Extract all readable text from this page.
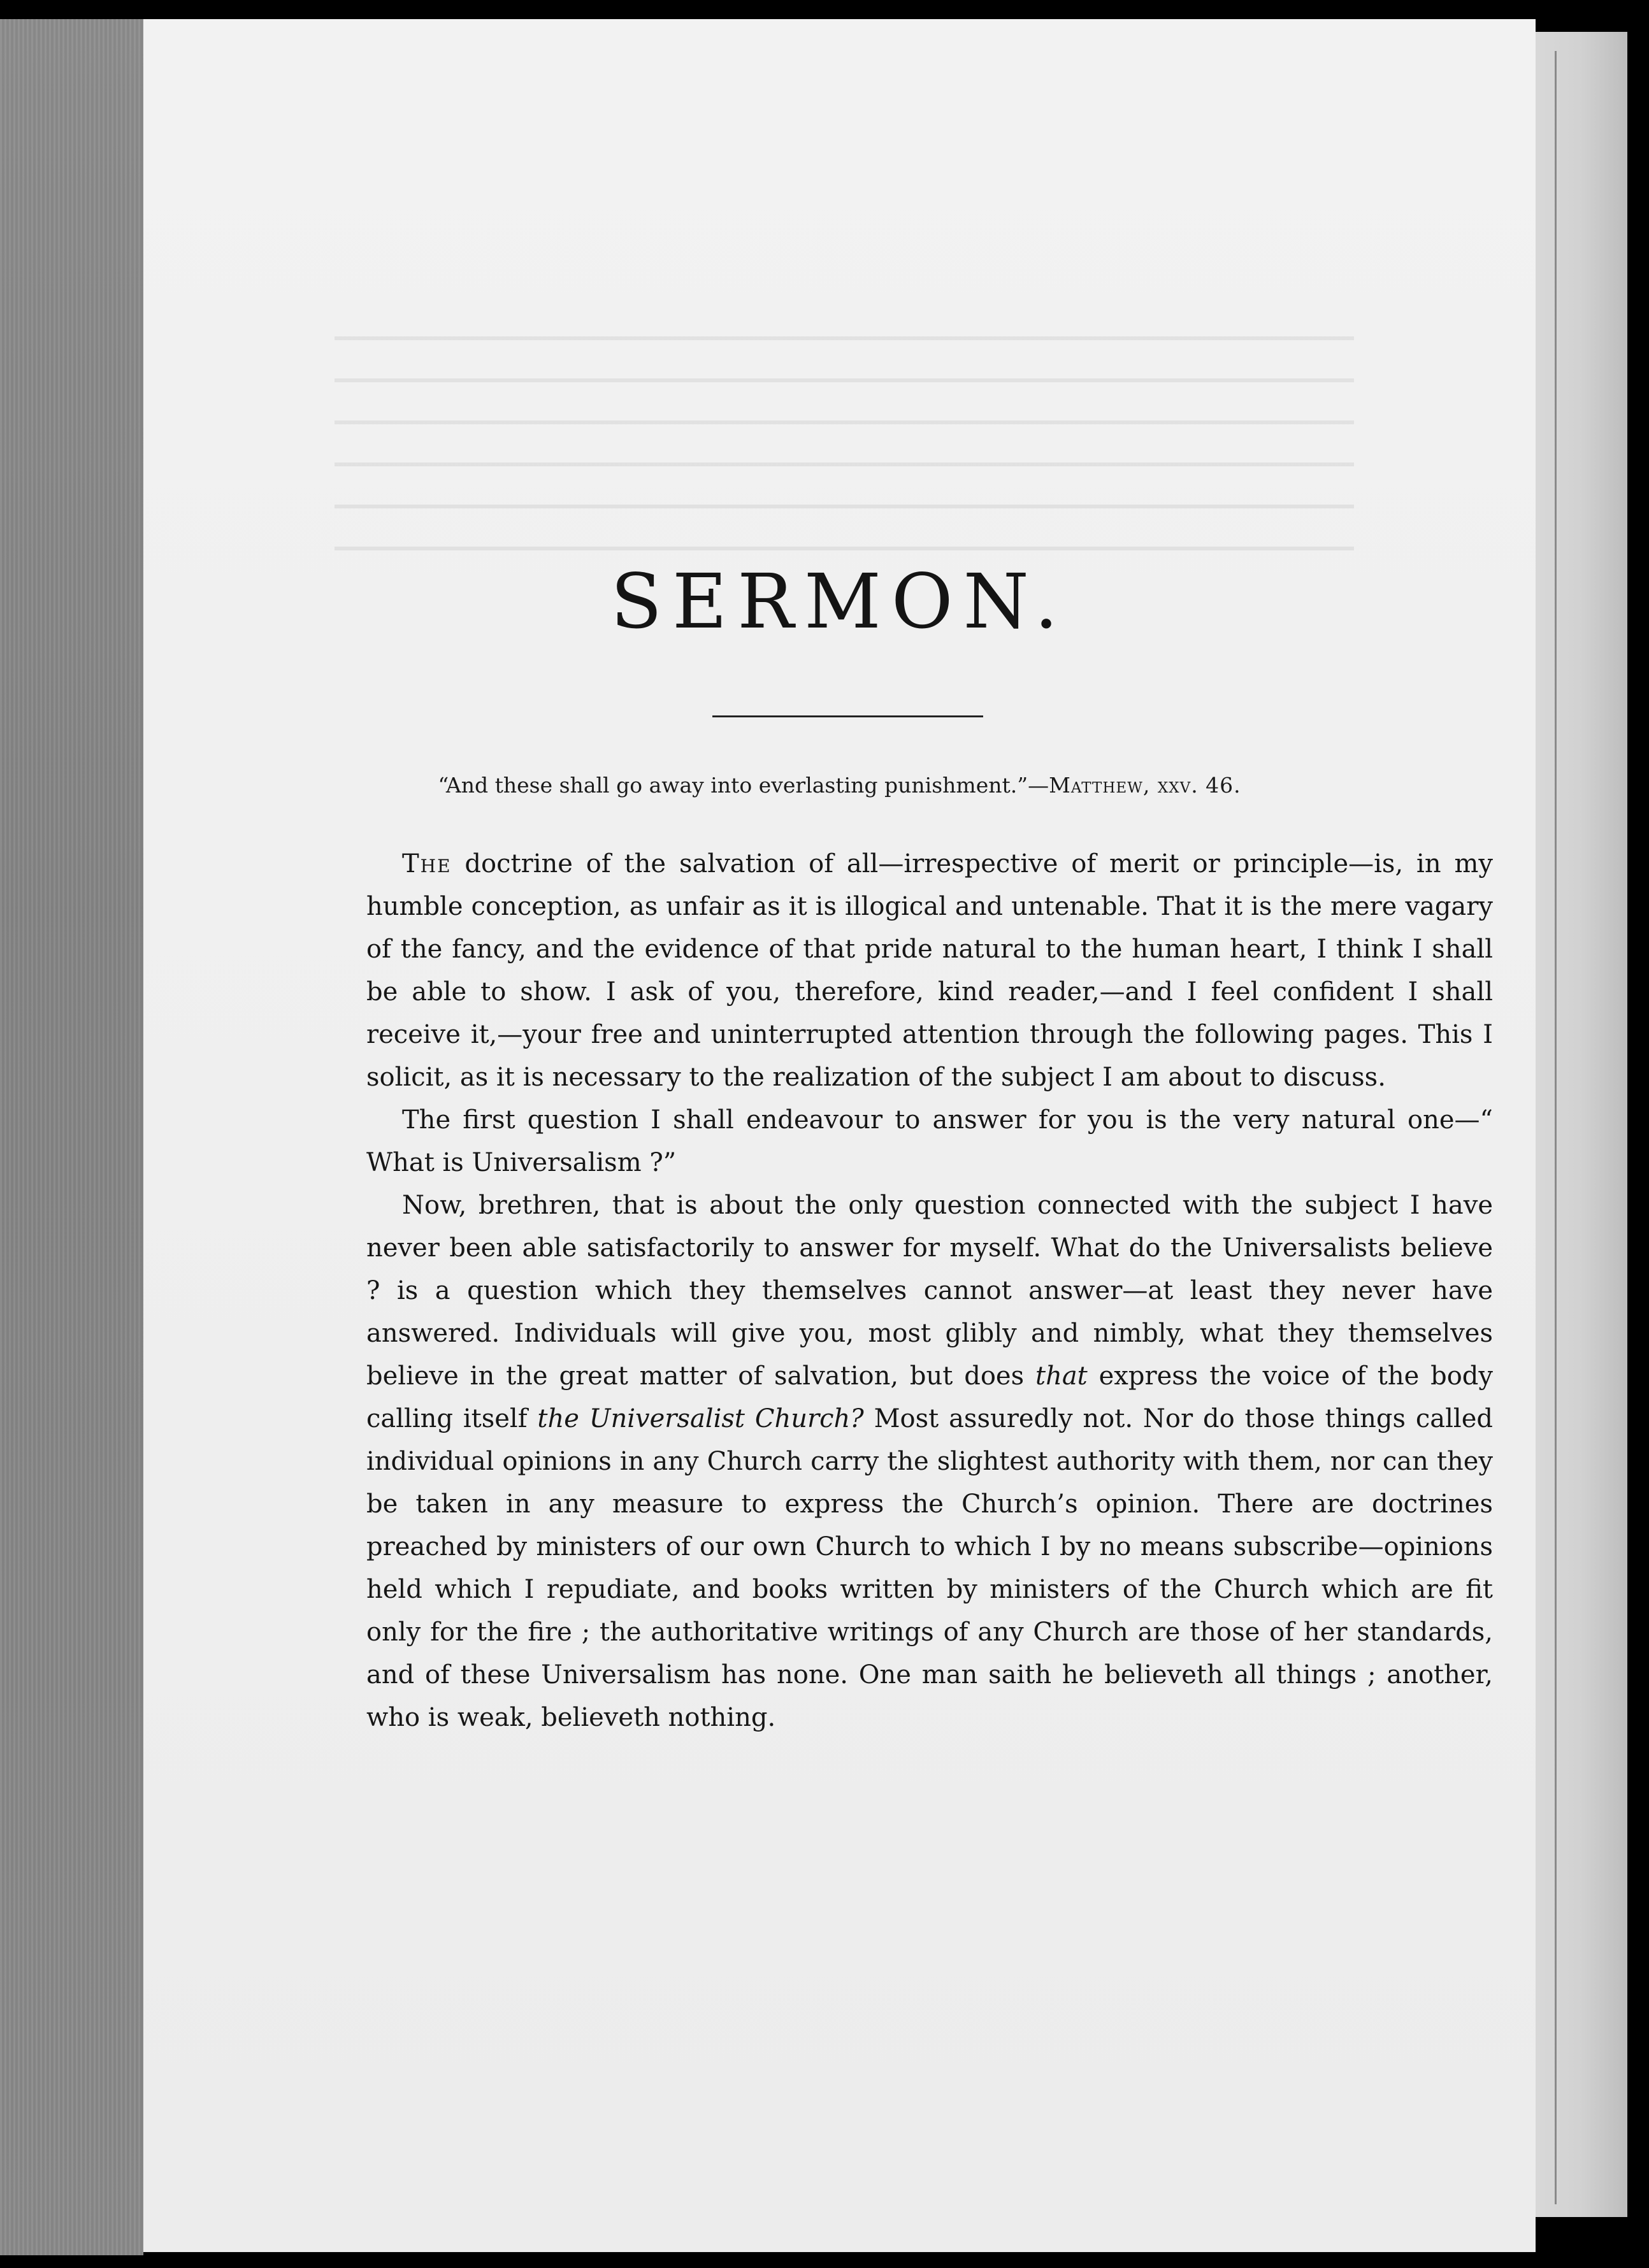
SERMON.
“And these shall go away into everlasting punishment.”—Matthew, xxv. 46.

The doctrine of the salvation of all—irrespective of merit or principle—is, in my humble conception, as unfair as it is illogical and untenable. That it is the mere vagary of the fancy, and the evidence of that pride natural to the human heart, I think I shall be able to show. I ask of you, therefore, kind reader,—and I feel confident I shall receive it,—your free and uninterrupted attention through the following pages. This I solicit, as it is necessary to the realization of the subject I am about to discuss.

The first question I shall endeavour to answer for you is the very natural one—“ What is Universalism ?”

Now, brethren, that is about the only question connected with the subject I have never been able satisfactorily to answer for myself. What do the Universalists believe ? is a question which they themselves cannot answer—at least they never have answered. Individuals will give you, most glibly and nimbly, what they themselves believe in the great matter of salvation, but does that express the voice of the body calling itself the Universalist Church? Most assuredly not. Nor do those things called individual opinions in any Church carry the slightest authority with them, nor can they be taken in any measure to express the Church’s opinion. There are doctrines preached by ministers of our own Church to which I by no means subscribe—opinions held which I repudiate, and books written by ministers of the Church which are fit only for the fire ; the authoritative writings of any Church are those of her standards, and of these Universalism has none. One man saith he believeth all things ; another, who is weak, believeth nothing.
